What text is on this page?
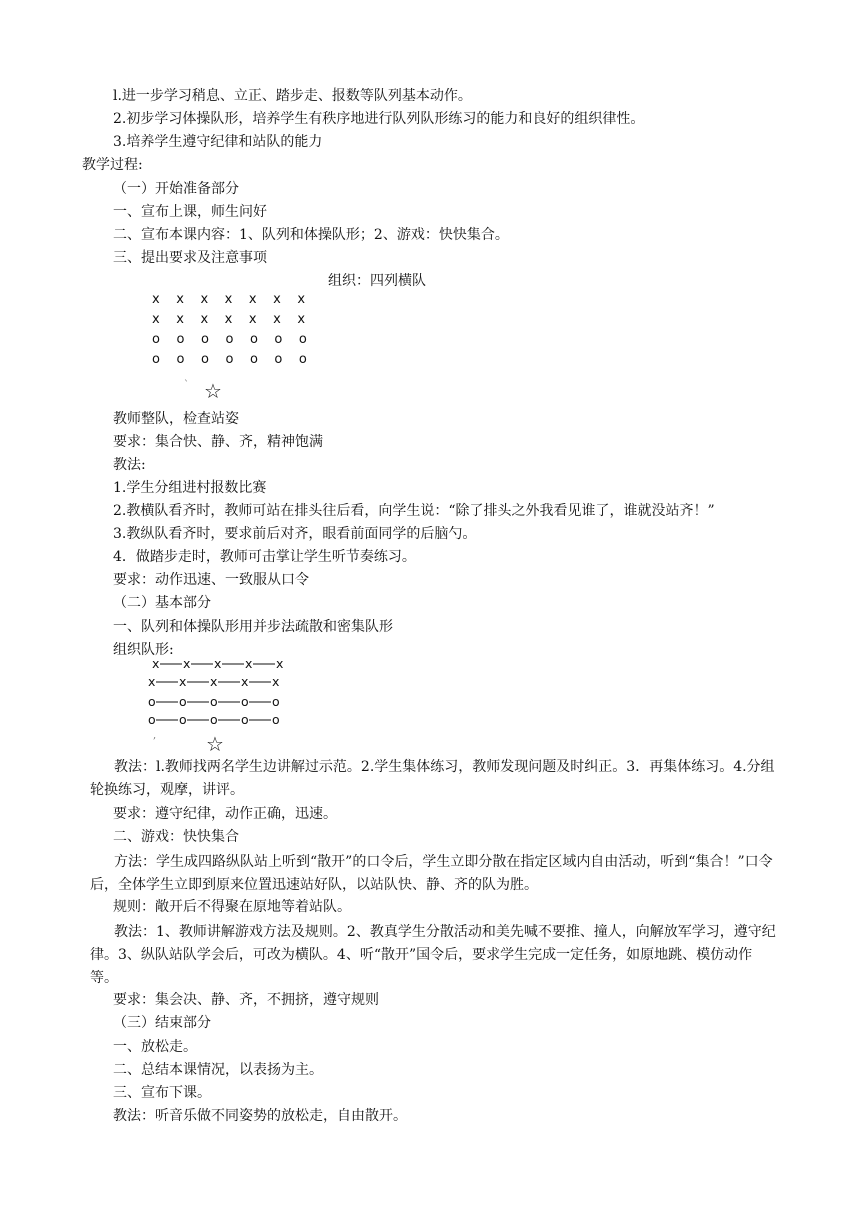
l.进一步学习稍息、立正、踏步走、报数等队列基本动作。
2.初步学习体操队形，培养学生有秩序地进行队列队形练习的能力和良好的组织律性。
3.培养学生遵守纪律和站队的能力
教学过程:
（一）开始准备部分
一、宣布上课，师生问好
二、宣布本课内容：1、队列和体操队形；2、游戏：快快集合。
三、提出要求及注意事项
组织：四列横队
x x x x x x x
x x x x x x x
o o o o o o o
o o o o o o o
` ☆
教师整队，检查站姿
要求：集合快、静、齐，精神饱满
教法:
1.学生分组进村报数比赛
2.教横队看齐时，教师可站在排头往后看，向学生说：“除了排头之外我看见谁了，谁就没站齐！”
3.教纵队看齐时，要求前后对齐，眼看前面同学的后脑勺。
4．做踏步走时，教师可击掌让学生听节奏练习。
要求：动作迅速、一致服从口令
（二）基本部分
一、队列和体操队形用并步法疏散和密集队形
组织队形:
x x x x x
x x x x x
o o o o o
o o o o o
, ☆
教法：l.教师找两名学生边讲解过示范。2.学生集体练习，教师发现问题及时纠正。3．再集体练习。4.分组轮换练习，观摩，讲评。
要求：遵守纪律，动作正确，迅速。
二、游戏：快快集合
方法：学生成四路纵队站上听到“散开”的口令后，学生立即分散在指定区域内自由活动，听到“集合！”口令后，全体学生立即到原来位置迅速站好队，以站队快、静、齐的队为胜。
规则：敞开后不得聚在原地等着站队。
教法：1、教师讲解游戏方法及规则。2、教真学生分散活动和美先喊不要推、撞人，向解放军学习，遵守纪律。3、纵队站队学会后，可改为横队。4、听“散开”国令后，要求学生完成一定任务，如原地跳、模仿动作等。
要求：集会决、静、齐，不拥挤，遵守规则
（三）结束部分
一、放松走。
二、总结本课情况，以表扬为主。
三、宣布下课。
教法：听音乐做不同姿势的放松走，自由散开。
